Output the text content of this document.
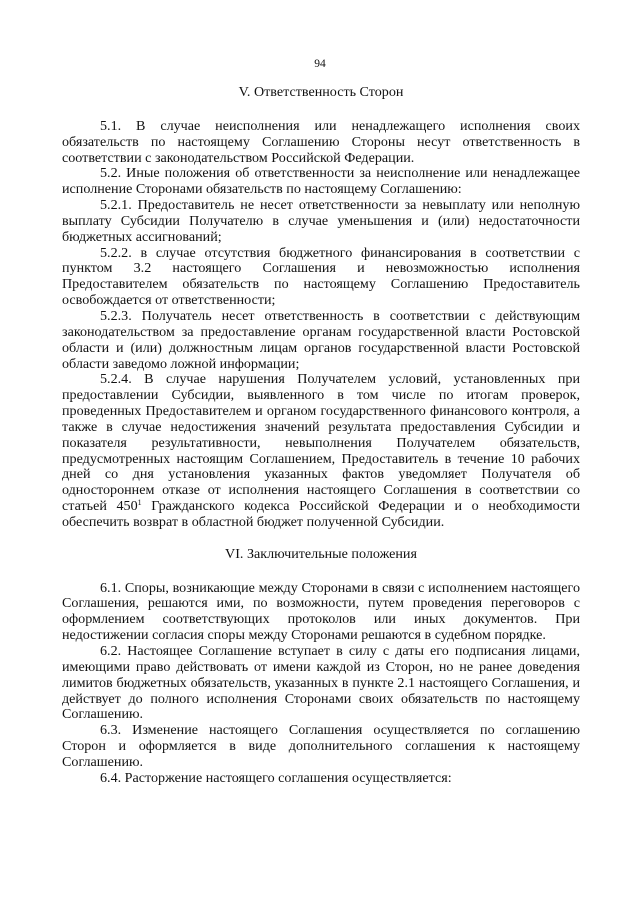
94

V. Ответственность Сторон

5.1. В случае неисполнения или ненадлежащего исполнения своих обязательств по настоящему Соглашению Стороны несут ответственность в соответствии с законодательством Российской Федерации.

5.2. Иные положения об ответственности за неисполнение или ненадлежащее исполнение Сторонами обязательств по настоящему Соглашению:

5.2.1. Предоставитель не несет ответственности за невыплату или неполную выплату Субсидии Получателю в случае уменьшения и (или) недостаточности бюджетных ассигнований;

5.2.2. в случае отсутствия бюджетного финансирования в соответствии с пунктом 3.2 настоящего Соглашения и невозможностью исполнения Предоставителем обязательств по настоящему Соглашению Предоставитель освобождается от ответственности;

5.2.3. Получатель несет ответственность в соответствии с действующим законодательством за предоставление органам государственной власти Ростовской области и (или) должностным лицам органов государственной власти Ростовской области заведомо ложной информации;

5.2.4. В случае нарушения Получателем условий, установленных при предоставлении Субсидии, выявленного в том числе по итогам проверок, проведенных Предоставителем и органом государственного финансового контроля, а также в случае недостижения значений результата предоставления Субсидии и показателя результативности, невыполнения Получателем обязательств, предусмотренных настоящим Соглашением, Предоставитель в течение 10 рабочих дней со дня установления указанных фактов уведомляет Получателя об одностороннем отказе от исполнения настоящего Соглашения в соответствии со статьей $450^1$ Гражданского кодекса Российской Федерации и о необходимости обеспечить возврат в областной бюджет полученной Субсидии.

VI. Заключительные положения

6.1. Споры, возникающие между Сторонами в связи с исполнением настоящего Соглашения, решаются ими, по возможности, путем проведения переговоров с оформлением соответствующих протоколов или иных документов. При недостижении согласия споры между Сторонами решаются в судебном порядке.

6.2. Настоящее Соглашение вступает в силу с даты его подписания лицами, имеющими право действовать от имени каждой из Сторон, но не ранее доведения лимитов бюджетных обязательств, указанных в пункте 2.1 настоящего Соглашения, и действует до полного исполнения Сторонами своих обязательств по настоящему Соглашению.

6.3. Изменение настоящего Соглашения осуществляется по соглашению Сторон и оформляется в виде дополнительного соглашения к настоящему Соглашению.

6.4. Расторжение настоящего соглашения осуществляется:
